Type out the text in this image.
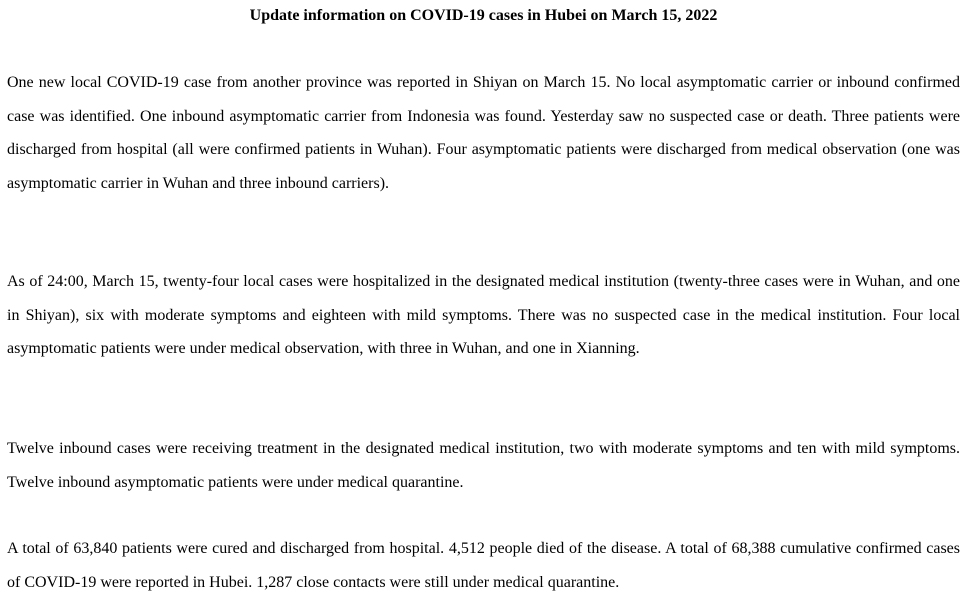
Update information on COVID-19 cases in Hubei on March 15, 2022

One new local COVID-19 case from another province was reported in Shiyan on March 15. No local asymptomatic carrier or inbound confirmed case was identified. One inbound asymptomatic carrier from Indonesia was found. Yesterday saw no suspected case or death. Three patients were discharged from hospital (all were confirmed patients in Wuhan). Four asymptomatic patients were discharged from medical observation (one was asymptomatic carrier in Wuhan and three inbound carriers).

As of 24:00, March 15, twenty-four local cases were hospitalized in the designated medical institution (twenty-three cases were in Wuhan, and one in Shiyan), six with moderate symptoms and eighteen with mild symptoms. There was no suspected case in the medical institution. Four local asymptomatic patients were under medical observation, with three in Wuhan, and one in Xianning.

Twelve inbound cases were receiving treatment in the designated medical institution, two with moderate symptoms and ten with mild symptoms. Twelve inbound asymptomatic patients were under medical quarantine.

A total of 63,840 patients were cured and discharged from hospital. 4,512 people died of the disease. A total of 68,388 cumulative confirmed cases of COVID-19 were reported in Hubei. 1,287 close contacts were still under medical quarantine.
